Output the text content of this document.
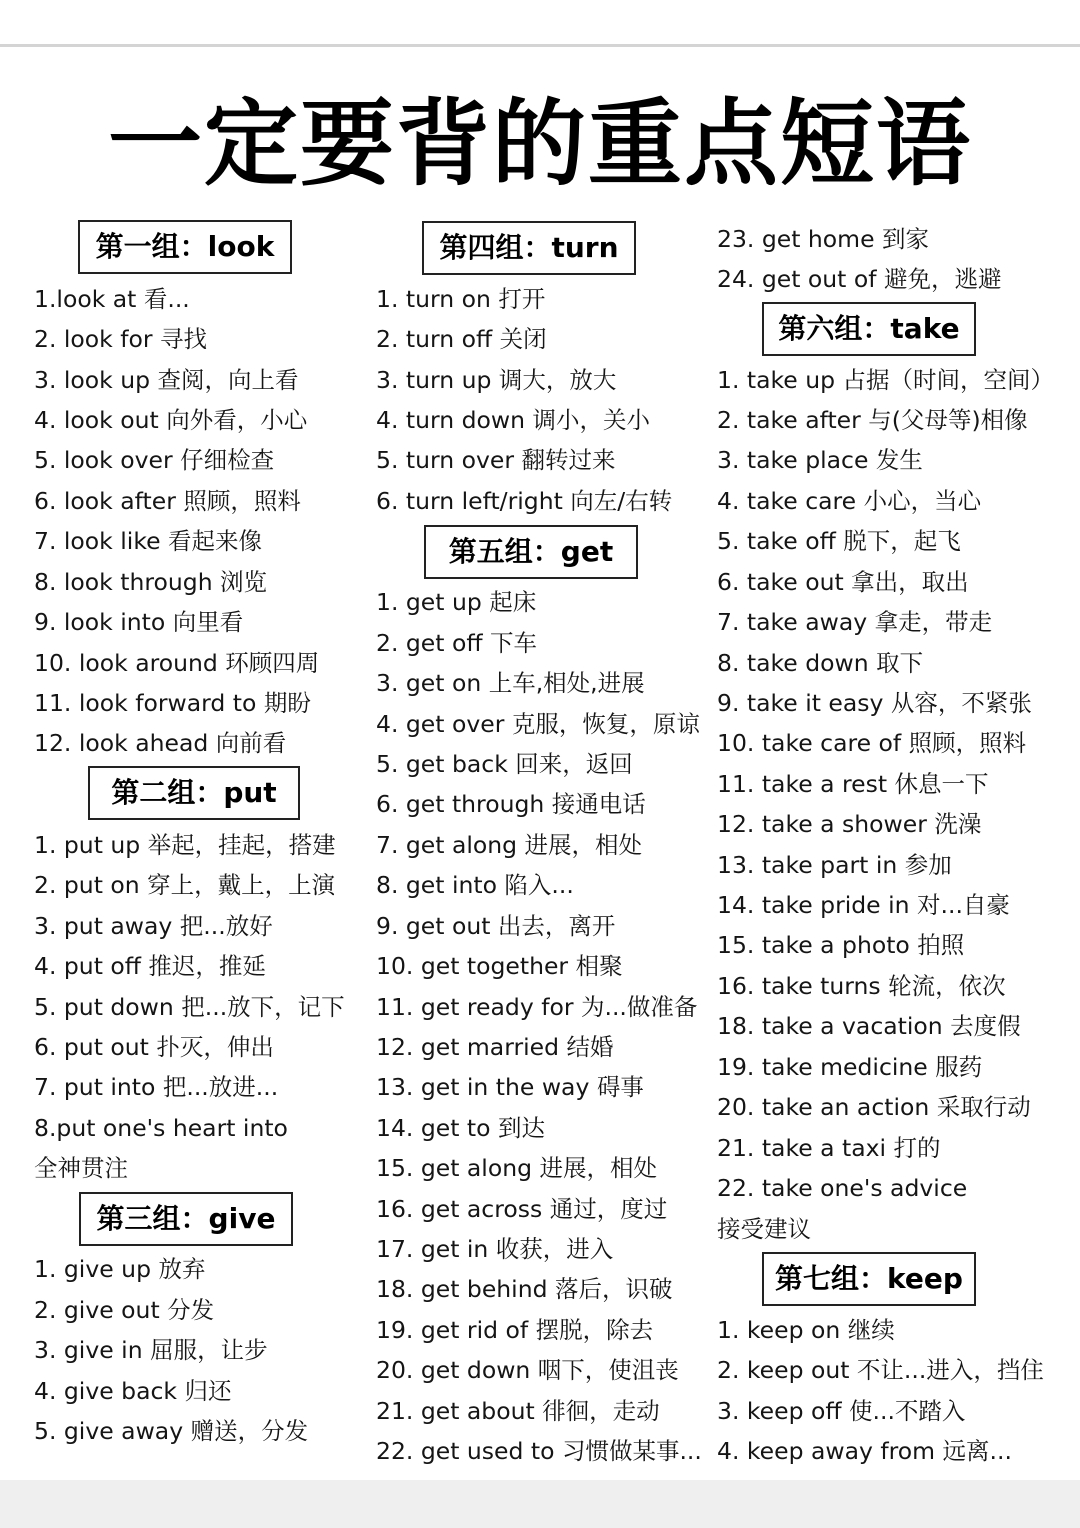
一定要背的重点短语
第一组：look
1.look at 看...
2. look for 寻找
3. look up 查阅，向上看
4. look out 向外看，小心
5. look over 仔细检查
6. look after 照顾，照料
7. look like 看起来像
8. look through 浏览
9. look into 向里看
10. look around 环顾四周
11. look forward to 期盼
12. look ahead 向前看
第二组：put
1. put up 举起，挂起，搭建
2. put on 穿上，戴上，上演
3. put away 把...放好
4. put off 推迟，推延
5. put down 把...放下，记下
6. put out 扑灭，伸出
7. put into 把...放进...
8.put one's heart into
全神贯注
第三组：give
1. give up 放弃
2. give out 分发
3. give in 屈服，让步
4. give back 归还
5. give away 赠送，分发
第四组：turn
1. turn on 打开
2. turn off 关闭
3. turn up 调大，放大
4. turn down 调小，关小
5. turn over 翻转过来
6. turn left/right 向左/右转
第五组：get
1. get up 起床
2. get off 下车
3. get on 上车,相处,进展
4. get over 克服，恢复，原谅
5. get back 回来，返回
6. get through 接通电话
7. get along 进展，相处
8. get into 陷入...
9. get out 出去，离开
10. get together 相聚
11. get ready for 为...做准备
12. get married 结婚
13. get in the way 碍事
14. get to 到达
15. get along 进展，相处
16. get across 通过，度过
17. get in 收获，进入
18. get behind 落后，识破
19. get rid of 摆脱，除去
20. get down 咽下，使沮丧
21. get about 徘徊，走动
22. get used to 习惯做某事...
23. get home 到家
24. get out of 避免，逃避
第六组：take
1. take up 占据（时间，空间）
2. take after 与(父母等)相像
3. take place 发生
4. take care 小心，当心
5. take off 脱下，起飞
6. take out 拿出，取出
7. take away 拿走，带走
8. take down 取下
9. take it easy 从容，不紧张
10. take care of 照顾，照料
11. take a rest 休息一下
12. take a shower 洗澡
13. take part in 参加
14. take pride in 对...自豪
15. take a photo 拍照
16. take turns 轮流，依次
18. take a vacation 去度假
19. take medicine 服药
20. take an action 采取行动
21. take a taxi 打的
22. take one's advice
接受建议
第七组：keep
1. keep on 继续
2. keep out 不让...进入，挡住
3. keep off 使...不踏入
4. keep away from 远离...
